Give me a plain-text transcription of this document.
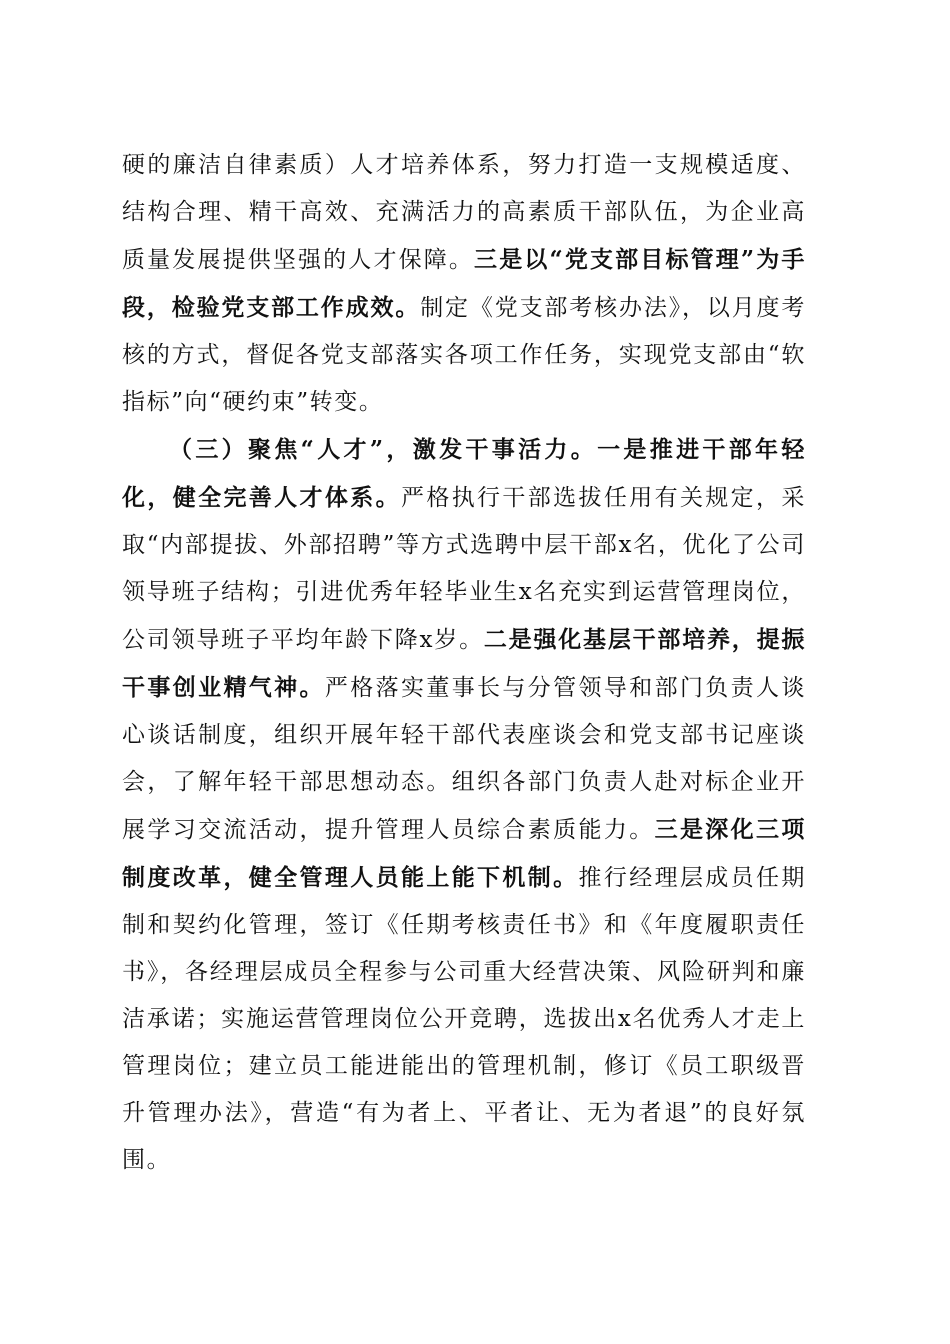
硬的廉洁自律素质）人才培养体系，努力打造一支规模适度、结构合理、精干高效、充满活力的高素质干部队伍，为企业高质量发展提供坚强的人才保障。三是以“党支部目标管理”为手段，检验党支部工作成效。制定《党支部考核办法》，以月度考核的方式，督促各党支部落实各项工作任务，实现党支部由“软指标”向“硬约束”转变。

（三）聚焦“人才”，激发干事活力。一是推进干部年轻化，健全完善人才体系。严格执行干部选拔任用有关规定，采取“内部提拔、外部招聘”等方式选聘中层干部x名，优化了公司领导班子结构；引进优秀年轻毕业生x名充实到运营管理岗位，公司领导班子平均年龄下降x岁。二是强化基层干部培养，提振干事创业精气神。严格落实董事长与分管领导和部门负责人谈心谈话制度，组织开展年轻干部代表座谈会和党支部书记座谈会，了解年轻干部思想动态。组织各部门负责人赴对标企业开展学习交流活动，提升管理人员综合素质能力。三是深化三项制度改革，健全管理人员能上能下机制。推行经理层成员任期制和契约化管理，签订《任期考核责任书》和《年度履职责任书》，各经理层成员全程参与公司重大经营决策、风险研判和廉洁承诺；实施运营管理岗位公开竞聘，选拔出x名优秀人才走上管理岗位；建立员工能进能出的管理机制，修订《员工职级晋升管理办法》，营造“有为者上、平者让、无为者退”的良好氛围。
